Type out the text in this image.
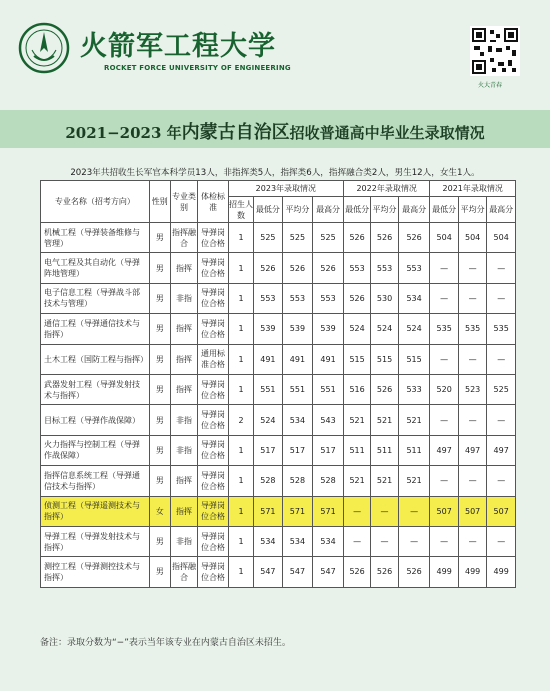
火箭军工程大学
ROCKET FORCE UNIVERSITY OF ENGINEERING
火大青春
2021−2023 年内蒙古自治区招收普通高中毕业生录取情况
2023年共招收生长军官本科学员13人，非指挥类5人，指挥类6人，指挥融合类2人，男生12人，女生1人。
专业名称（招考方向）	性别	专业类别	体检标准	2023年录取情况				2022年录取情况			2021年录取情况		
				招生人数	最低分	平均分	最高分	最低分	平均分	最高分	最低分	平均分	最高分
机械工程（导弹装备维修与管理）	男	指挥融合	导弹岗位合格	1	525	525	525	526	526	526	504	504	504
电气工程及其自动化（导弹阵地管理）	男	指挥	导弹岗位合格	1	526	526	526	553	553	553	—	—	—
电子信息工程（导弹战斗部技术与管理）	男	非指	导弹岗位合格	1	553	553	553	526	530	534	—	—	—
通信工程（导弹通信技术与指挥）	男	指挥	导弹岗位合格	1	539	539	539	524	524	524	535	535	535
土木工程（国防工程与指挥）	男	指挥	通用标准合格	1	491	491	491	515	515	515	—	—	—
武器发射工程（导弹发射技术与指挥）	男	指挥	导弹岗位合格	1	551	551	551	516	526	533	520	523	525
目标工程（导弹作战保障）	男	非指	导弹岗位合格	2	524	534	543	521	521	521	—	—	—
火力指挥与控制工程（导弹作战保障）	男	非指	导弹岗位合格	1	517	517	517	511	511	511	497	497	497
指挥信息系统工程（导弹通信技术与指挥）	男	指挥	导弹岗位合格	1	528	528	528	521	521	521	—	—	—
侦测工程（导弹遥测技术与指挥）	女	指挥	导弹岗位合格	1	571	571	571	—	—	—	507	507	507
导弹工程（导弹发射技术与指挥）	男	非指	导弹岗位合格	1	534	534	534	—	—	—	—	—	—
测控工程（导弹测控技术与指挥）	男	指挥融合	导弹岗位合格	1	547	547	547	526	526	526	499	499	499
备注：录取分数为“−”表示当年该专业在内蒙古自治区未招生。
